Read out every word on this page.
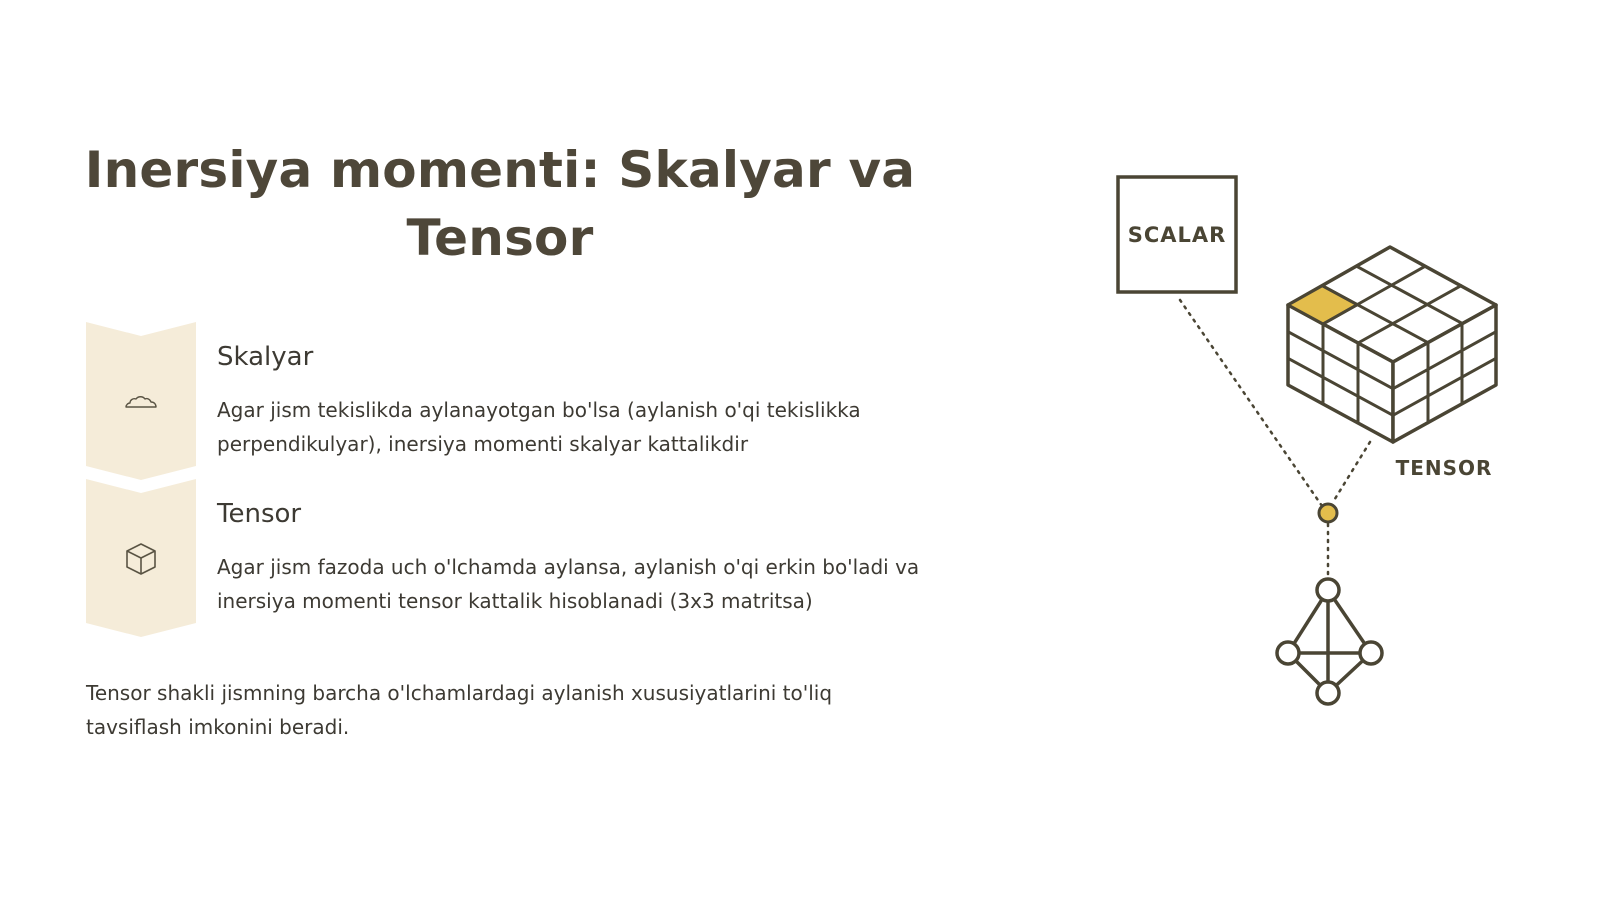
Inersiya momenti: Skalyar va Tensor
Skalyar

Agar jism tekislikda aylanayotgan bo'lsa (aylanish o'qi tekislikka perpendikulyar), inersiya momenti skalyar kattalikdir

Tensor

Agar jism fazoda uch o'lchamda aylansa, aylanish o'qi erkin bo'ladi va inersiya momenti tensor kattalik hisoblanadi (3x3 matritsa)

Tensor shakli jismning barcha o'lchamlardagi aylanish xususiyatlarini to'liq tavsiflash imkonini beradi.

SCALAR
TENSOR
